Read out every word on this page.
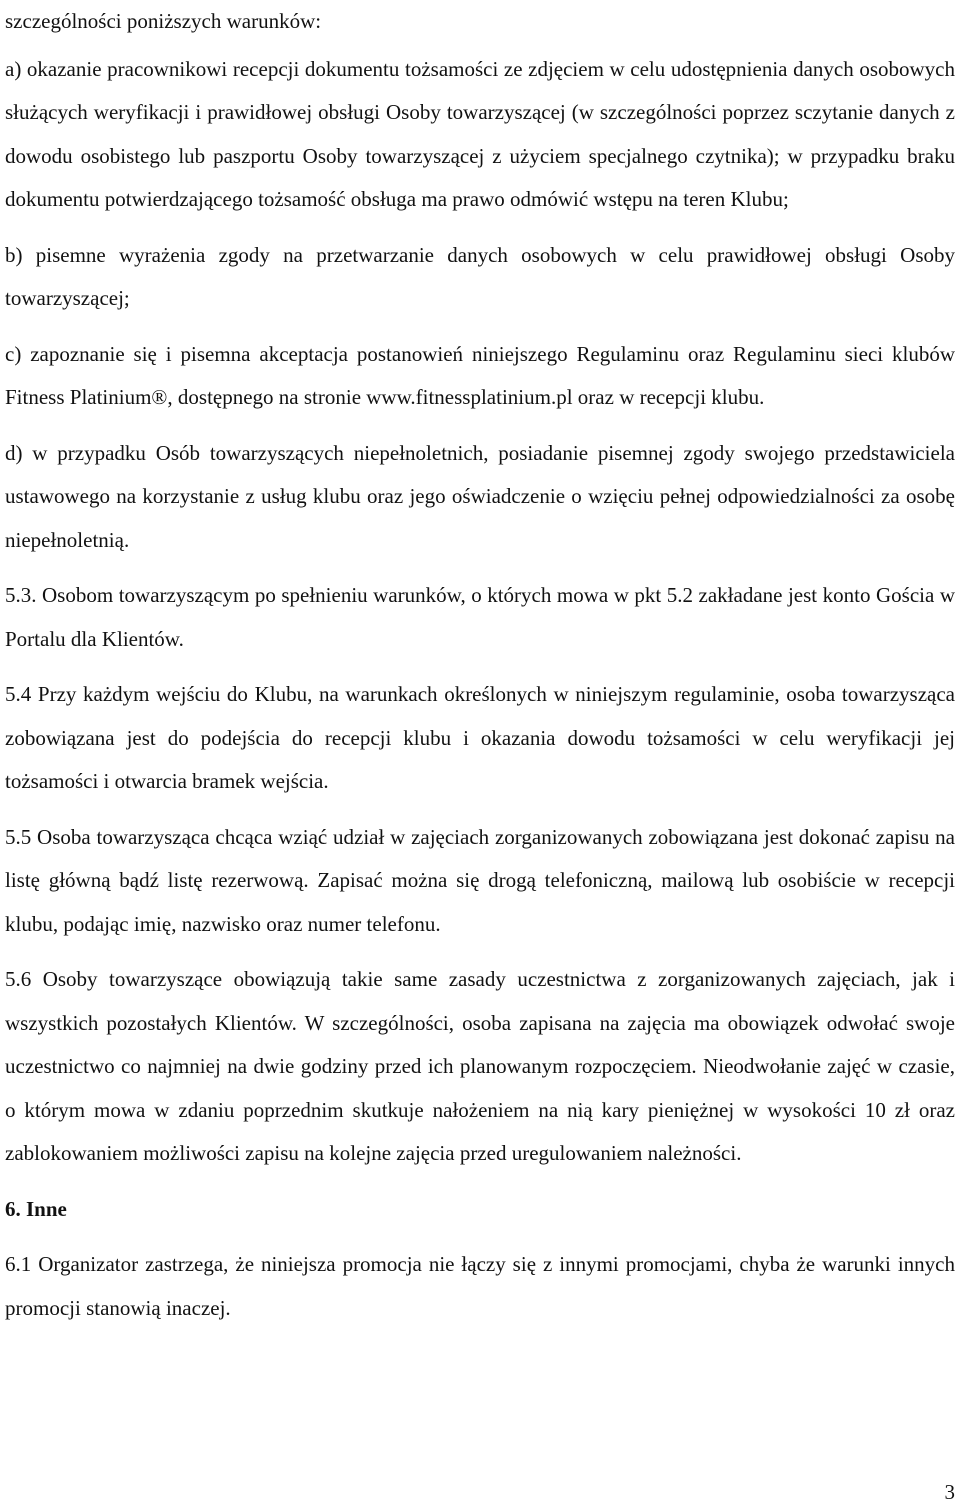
szczególności poniższych warunków:

a) okazanie pracownikowi recepcji dokumentu tożsamości ze zdjęciem w celu udostępnienia danych osobowych służących weryfikacji i prawidłowej obsługi Osoby towarzyszącej (w szczególności poprzez sczytanie danych z dowodu osobistego lub paszportu Osoby towarzyszącej z użyciem specjalnego czytnika); w przypadku braku dokumentu potwierdzającego tożsamość obsługa ma prawo odmówić wstępu na teren Klubu;

b) pisemne wyrażenia zgody na przetwarzanie danych osobowych w celu prawidłowej obsługi Osoby towarzyszącej;

c) zapoznanie się i pisemna akceptacja postanowień niniejszego Regulaminu oraz Regulaminu sieci klubów Fitness Platinium®, dostępnego na stronie www.fitnessplatinium.pl oraz w recepcji klubu.

d) w przypadku Osób towarzyszących niepełnoletnich, posiadanie pisemnej zgody swojego przedstawiciela ustawowego na korzystanie z usług klubu oraz jego oświadczenie o wzięciu pełnej odpowiedzialności za osobę niepełnoletnią.

5.3. Osobom towarzyszącym po spełnieniu warunków, o których mowa w pkt 5.2 zakładane jest konto Gościa w Portalu dla Klientów.

5.4 Przy każdym wejściu do Klubu, na warunkach określonych w niniejszym regulaminie, osoba towarzysząca zobowiązana jest do podejścia do recepcji klubu i okazania dowodu tożsamości w celu weryfikacji jej tożsamości i otwarcia bramek wejścia.

5.5 Osoba towarzysząca chcąca wziąć udział w zajęciach zorganizowanych zobowiązana jest dokonać zapisu na listę główną bądź listę rezerwową. Zapisać można się drogą telefoniczną, mailową lub osobiście w recepcji klubu, podając imię, nazwisko oraz numer telefonu.

5.6 Osoby towarzyszące obowiązują takie same zasady uczestnictwa z zorganizowanych zajęciach, jak i wszystkich pozostałych Klientów. W szczególności, osoba zapisana na zajęcia ma obowiązek odwołać swoje uczestnictwo co najmniej na dwie godziny przed ich planowanym rozpoczęciem. Nieodwołanie zajęć w czasie, o którym mowa w zdaniu poprzednim skutkuje nałożeniem na nią kary pieniężnej w wysokości 10 zł oraz zablokowaniem możliwości zapisu na kolejne zajęcia przed uregulowaniem należności.

6. Inne

6.1 Organizator zastrzega, że niniejsza promocja nie łączy się z innymi promocjami, chyba że warunki innych promocji stanowią inaczej.

3
